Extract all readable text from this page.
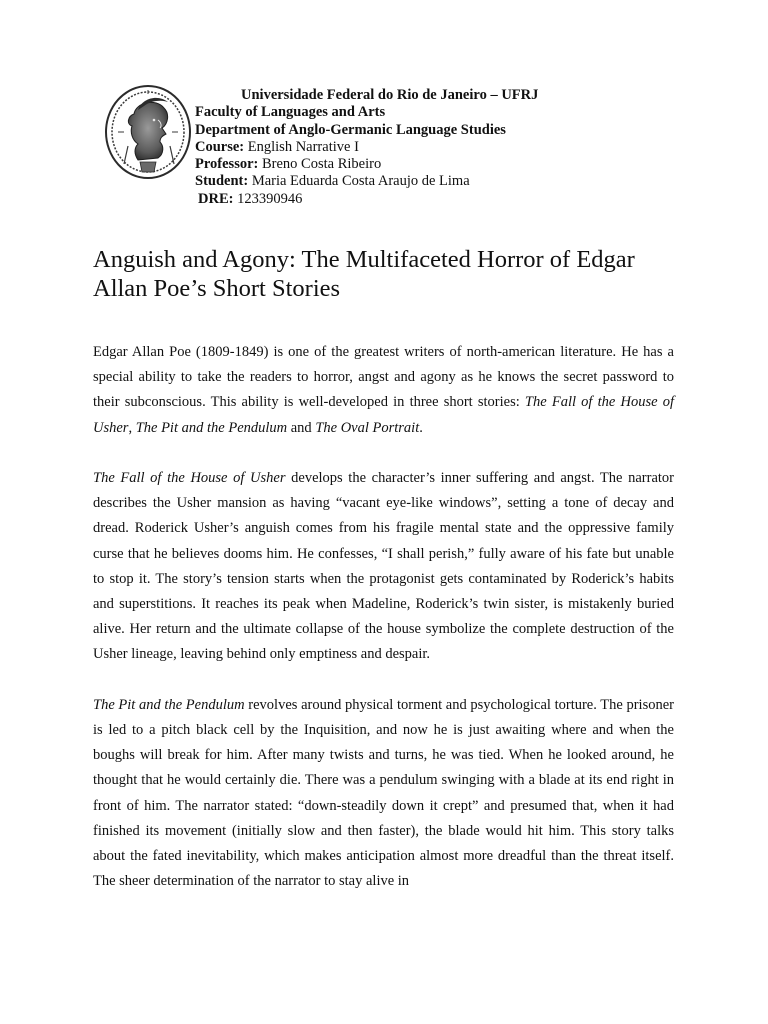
Universidade Federal do Rio de Janeiro – UFRJ
Faculty of Languages and Arts
Department of Anglo-Germanic Language Studies
Course: English Narrative I
Professor: Breno Costa Ribeiro
Student: Maria Eduarda Costa Araujo de Lima
DRE: 123390946
Anguish and Agony: The Multifaceted Horror of Edgar Allan Poe’s Short Stories

Edgar Allan Poe (1809-1849) is one of the greatest writers of north-american literature. He has a special ability to take the readers to horror, angst and agony as he knows the secret password to their subconscious. This ability is well-developed in three short stories: The Fall of the House of Usher, The Pit and the Pendulum and The Oval Portrait.

The Fall of the House of Usher develops the character’s inner suffering and angst. The narrator describes the Usher mansion as having “vacant eye-like windows”, setting a tone of decay and dread. Roderick Usher’s anguish comes from his fragile mental state and the oppressive family curse that he believes dooms him. He confesses, “I shall perish,” fully aware of his fate but unable to stop it. The story’s tension starts when the protagonist gets contaminated by Roderick’s habits and superstitions. It reaches its peak when Madeline, Roderick’s twin sister, is mistakenly buried alive. Her return and the ultimate collapse of the house symbolize the complete destruction of the Usher lineage, leaving behind only emptiness and despair.

The Pit and the Pendulum revolves around physical torment and psychological torture. The prisoner is led to a pitch black cell by the Inquisition, and now he is just awaiting where and when the boughs will break for him. After many twists and turns, he was tied. When he looked around, he thought that he would certainly die. There was a pendulum swinging with a blade at its end right in front of him. The narrator stated: “down-steadily down it crept” and presumed that, when it had finished its movement (initially slow and then faster), the blade would hit him. This story talks about the fated inevitability, which makes anticipation almost more dreadful than the threat itself. The sheer determination of the narrator to stay alive in
